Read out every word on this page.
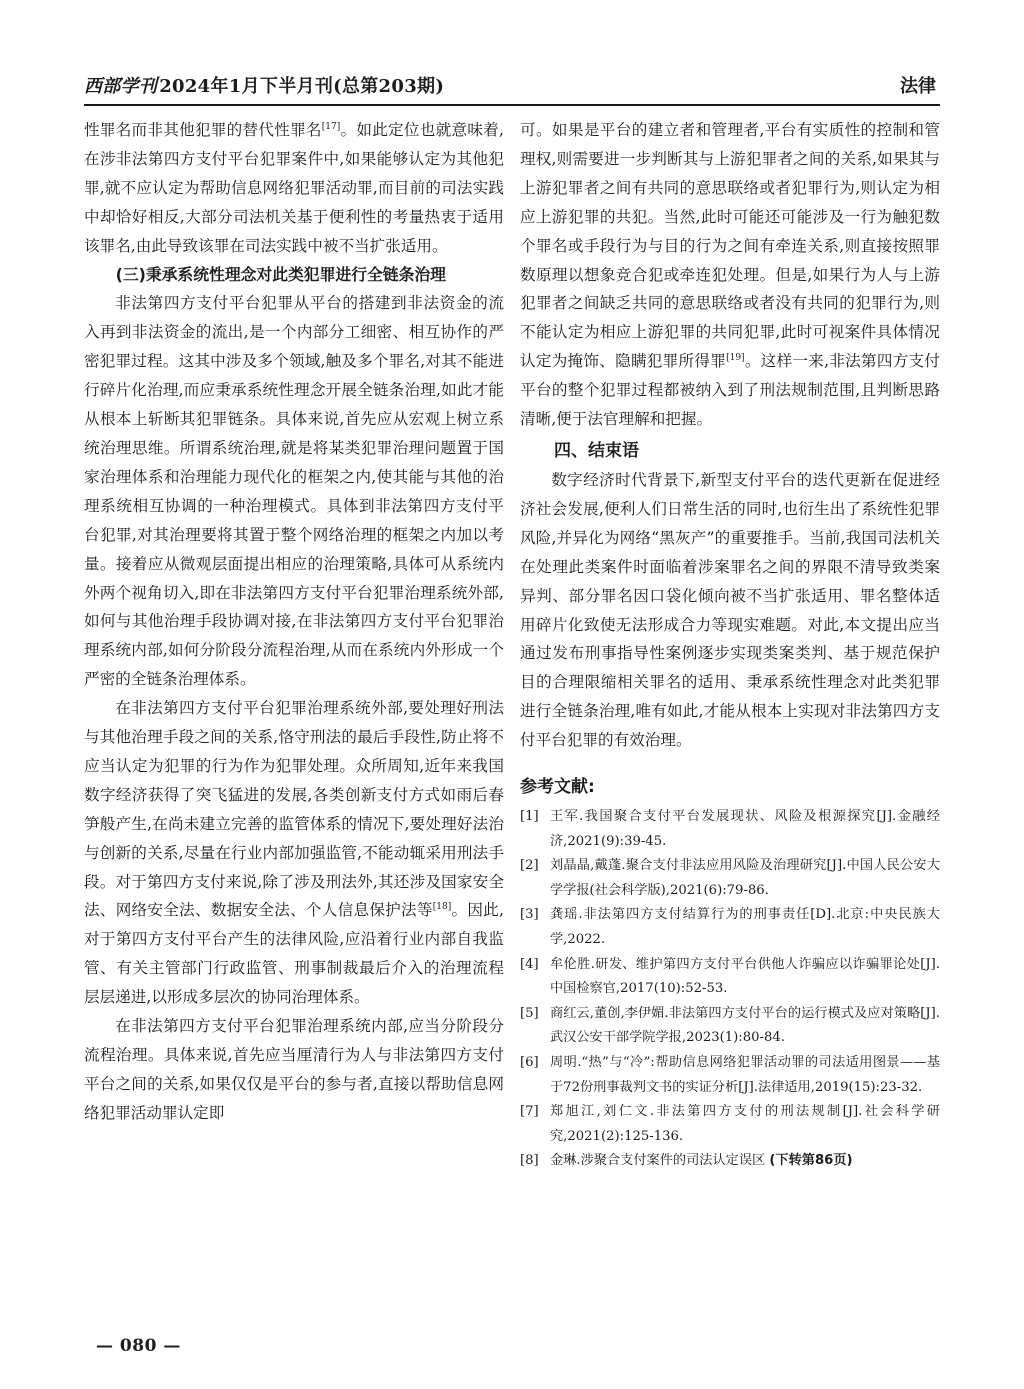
西部学刊 2024年1月下半月刊(总第203期)	法律

性罪名而非其他犯罪的替代性罪名[17]。如此定位也就意味着,在涉非法第四方支付平台犯罪案件中,如果能够认定为其他犯罪,就不应认定为帮助信息网络犯罪活动罪,而目前的司法实践中却恰好相反,大部分司法机关基于便利性的考量热衷于适用该罪名,由此导致该罪在司法实践中被不当扩张适用。

(三)秉承系统性理念对此类犯罪进行全链条治理

非法第四方支付平台犯罪从平台的搭建到非法资金的流入再到非法资金的流出,是一个内部分工细密、相互协作的严密犯罪过程。这其中涉及多个领域,触及多个罪名,对其不能进行碎片化治理,而应秉承系统性理念开展全链条治理,如此才能从根本上斩断其犯罪链条。具体来说,首先应从宏观上树立系统治理思维。所谓系统治理,就是将某类犯罪治理问题置于国家治理体系和治理能力现代化的框架之内,使其能与其他的治理系统相互协调的一种治理模式。具体到非法第四方支付平台犯罪,对其治理要将其置于整个网络治理的框架之内加以考量。接着应从微观层面提出相应的治理策略,具体可从系统内外两个视角切入,即在非法第四方支付平台犯罪治理系统外部,如何与其他治理手段协调对接,在非法第四方支付平台犯罪治理系统内部,如何分阶段分流程治理,从而在系统内外形成一个严密的全链条治理体系。

在非法第四方支付平台犯罪治理系统外部,要处理好刑法与其他治理手段之间的关系,恪守刑法的最后手段性,防止将不应当认定为犯罪的行为作为犯罪处理。众所周知,近年来我国数字经济获得了突飞猛进的发展,各类创新支付方式如雨后春笋般产生,在尚未建立完善的监管体系的情况下,要处理好法治与创新的关系,尽量在行业内部加强监管,不能动辄采用刑法手段。对于第四方支付来说,除了涉及刑法外,其还涉及国家安全法、网络安全法、数据安全法、个人信息保护法等[18]。因此,对于第四方支付平台产生的法律风险,应沿着行业内部自我监管、有关主管部门行政监管、刑事制裁最后介入的治理流程层层递进,以形成多层次的协同治理体系。

在非法第四方支付平台犯罪治理系统内部,应当分阶段分流程治理。具体来说,首先应当厘清行为人与非法第四方支付平台之间的关系,如果仅仅是平台的参与者,直接以帮助信息网络犯罪活动罪认定即

可。如果是平台的建立者和管理者,平台有实质性的控制和管理权,则需要进一步判断其与上游犯罪者之间的关系,如果其与上游犯罪者之间有共同的意思联络或者犯罪行为,则认定为相应上游犯罪的共犯。当然,此时可能还可能涉及一行为触犯数个罪名或手段行为与目的行为之间有牵连关系,则直接按照罪数原理以想象竞合犯或牵连犯处理。但是,如果行为人与上游犯罪者之间缺乏共同的意思联络或者没有共同的犯罪行为,则不能认定为相应上游犯罪的共同犯罪,此时可视案件具体情况认定为掩饰、隐瞒犯罪所得罪[19]。这样一来,非法第四方支付平台的整个犯罪过程都被纳入到了刑法规制范围,且判断思路清晰,便于法官理解和把握。

四、结束语

数字经济时代背景下,新型支付平台的迭代更新在促进经济社会发展,便利人们日常生活的同时,也衍生出了系统性犯罪风险,并异化为网络“黑灰产”的重要推手。当前,我国司法机关在处理此类案件时面临着涉案罪名之间的界限不清导致类案异判、部分罪名因口袋化倾向被不当扩张适用、罪名整体适用碎片化致使无法形成合力等现实难题。对此,本文提出应当通过发布刑事指导性案例逐步实现类案类判、基于规范保护目的合理限缩相关罪名的适用、秉承系统性理念对此类犯罪进行全链条治理,唯有如此,才能从根本上实现对非法第四方支付平台犯罪的有效治理。

参考文献:
[1] 王军.我国聚合支付平台发展现状、风险及根源探究[J].金融经济,2021(9):39-45.
[2] 刘晶晶,戴蓬.聚合支付非法应用风险及治理研究[J].中国人民公安大学学报(社会科学版),2021(6):79-86.
[3] 龚瑶.非法第四方支付结算行为的刑事责任[D].北京:中央民族大学,2022.
[4] 牟伦胜.研发、维护第四方支付平台供他人诈骗应以诈骗罪论处[J].中国检察官,2017(10):52-53.
[5] 商红云,董创,李伊媚.非法第四方支付平台的运行模式及应对策略[J].武汉公安干部学院学报,2023(1):80-84.
[6] 周明.“热”与“冷”:帮助信息网络犯罪活动罪的司法适用图景——基于72份刑事裁判文书的实证分析[J].法律适用,2019(15):23-32.
[7] 郑旭江,刘仁文.非法第四方支付的刑法规制[J].社会科学研究,2021(2):125-136.
[8] 金琳.涉聚合支付案件的司法认定误区 (下转第86页)
— 080 —
